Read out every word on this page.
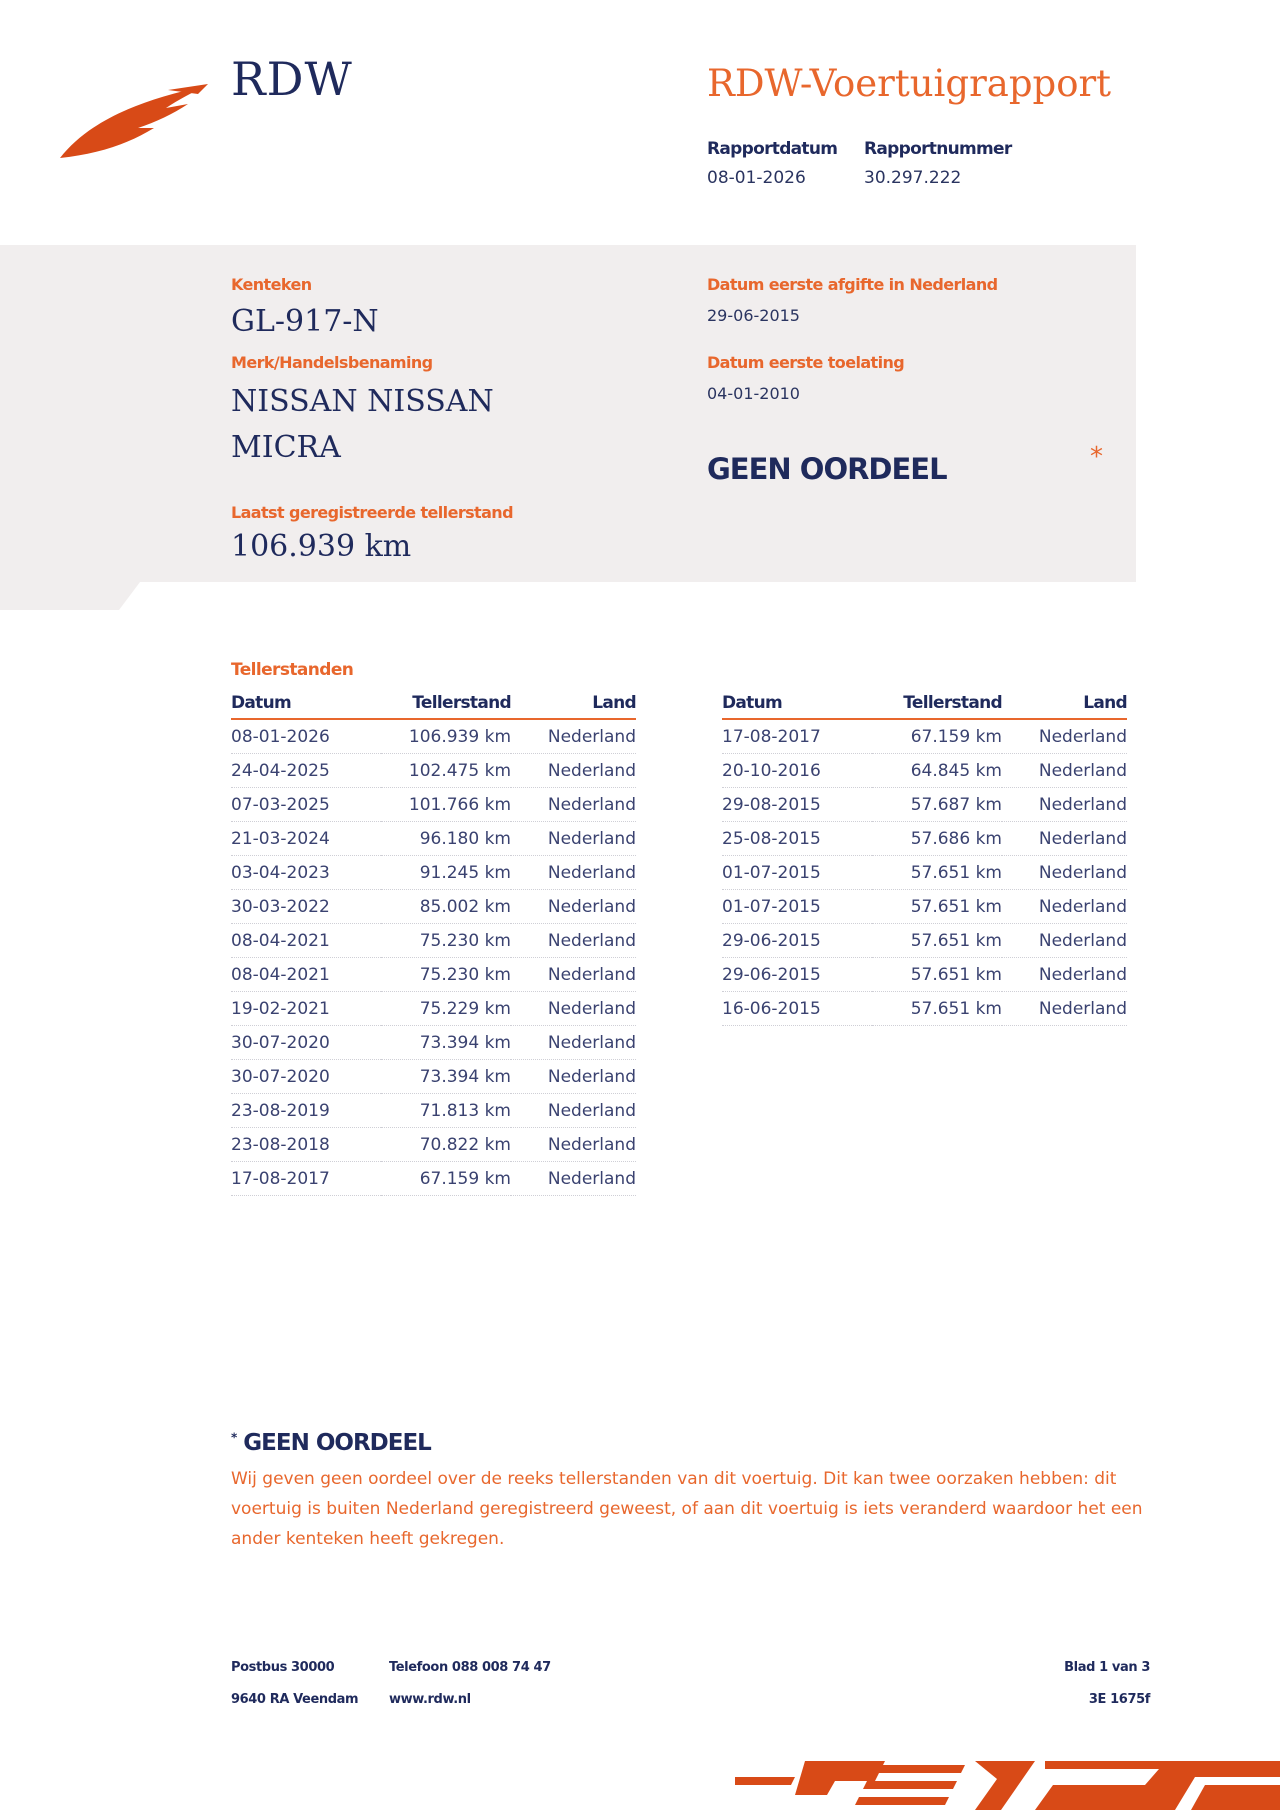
RDW	RDW-Voertuigrapport
Rapportdatum
08-01-2026
Rapportnummer
30.297.222
Kenteken
GL-917-N
Merk/Handelsbenaming
NISSAN NISSAN
MICRA
Laatst geregistreerde tellerstand
106.939 km
Datum eerste afgifte in Nederland
29-06-2015
Datum eerste toelating
04-01-2010
GEEN OORDEEL	*
Tellerstanden
Datum	Tellerstand	Land
08-01-2026	106.939 km	Nederland
24-04-2025	102.475 km	Nederland
07-03-2025	101.766 km	Nederland
21-03-2024	96.180 km	Nederland
03-04-2023	91.245 km	Nederland
30-03-2022	85.002 km	Nederland
08-04-2021	75.230 km	Nederland
08-04-2021	75.230 km	Nederland
19-02-2021	75.229 km	Nederland
30-07-2020	73.394 km	Nederland
30-07-2020	73.394 km	Nederland
23-08-2019	71.813 km	Nederland
23-08-2018	70.822 km	Nederland
17-08-2017	67.159 km	Nederland
Datum	Tellerstand	Land
17-08-2017	67.159 km	Nederland
20-10-2016	64.845 km	Nederland
29-08-2015	57.687 km	Nederland
25-08-2015	57.686 km	Nederland
01-07-2015	57.651 km	Nederland
01-07-2015	57.651 km	Nederland
29-06-2015	57.651 km	Nederland
29-06-2015	57.651 km	Nederland
16-06-2015	57.651 km	Nederland
* GEEN OORDEEL
Wij geven geen oordeel over de reeks tellerstanden van dit voertuig. Dit kan twee oorzaken hebben: dit voertuig is buiten Nederland geregistreerd geweest, of aan dit voertuig is iets veranderd waardoor het een ander kenteken heeft gekregen.
Postbus 30000
9640 RA Veendam
Telefoon 088 008 74 47
www.rdw.nl
Blad 1 van 3
3E 1675f
